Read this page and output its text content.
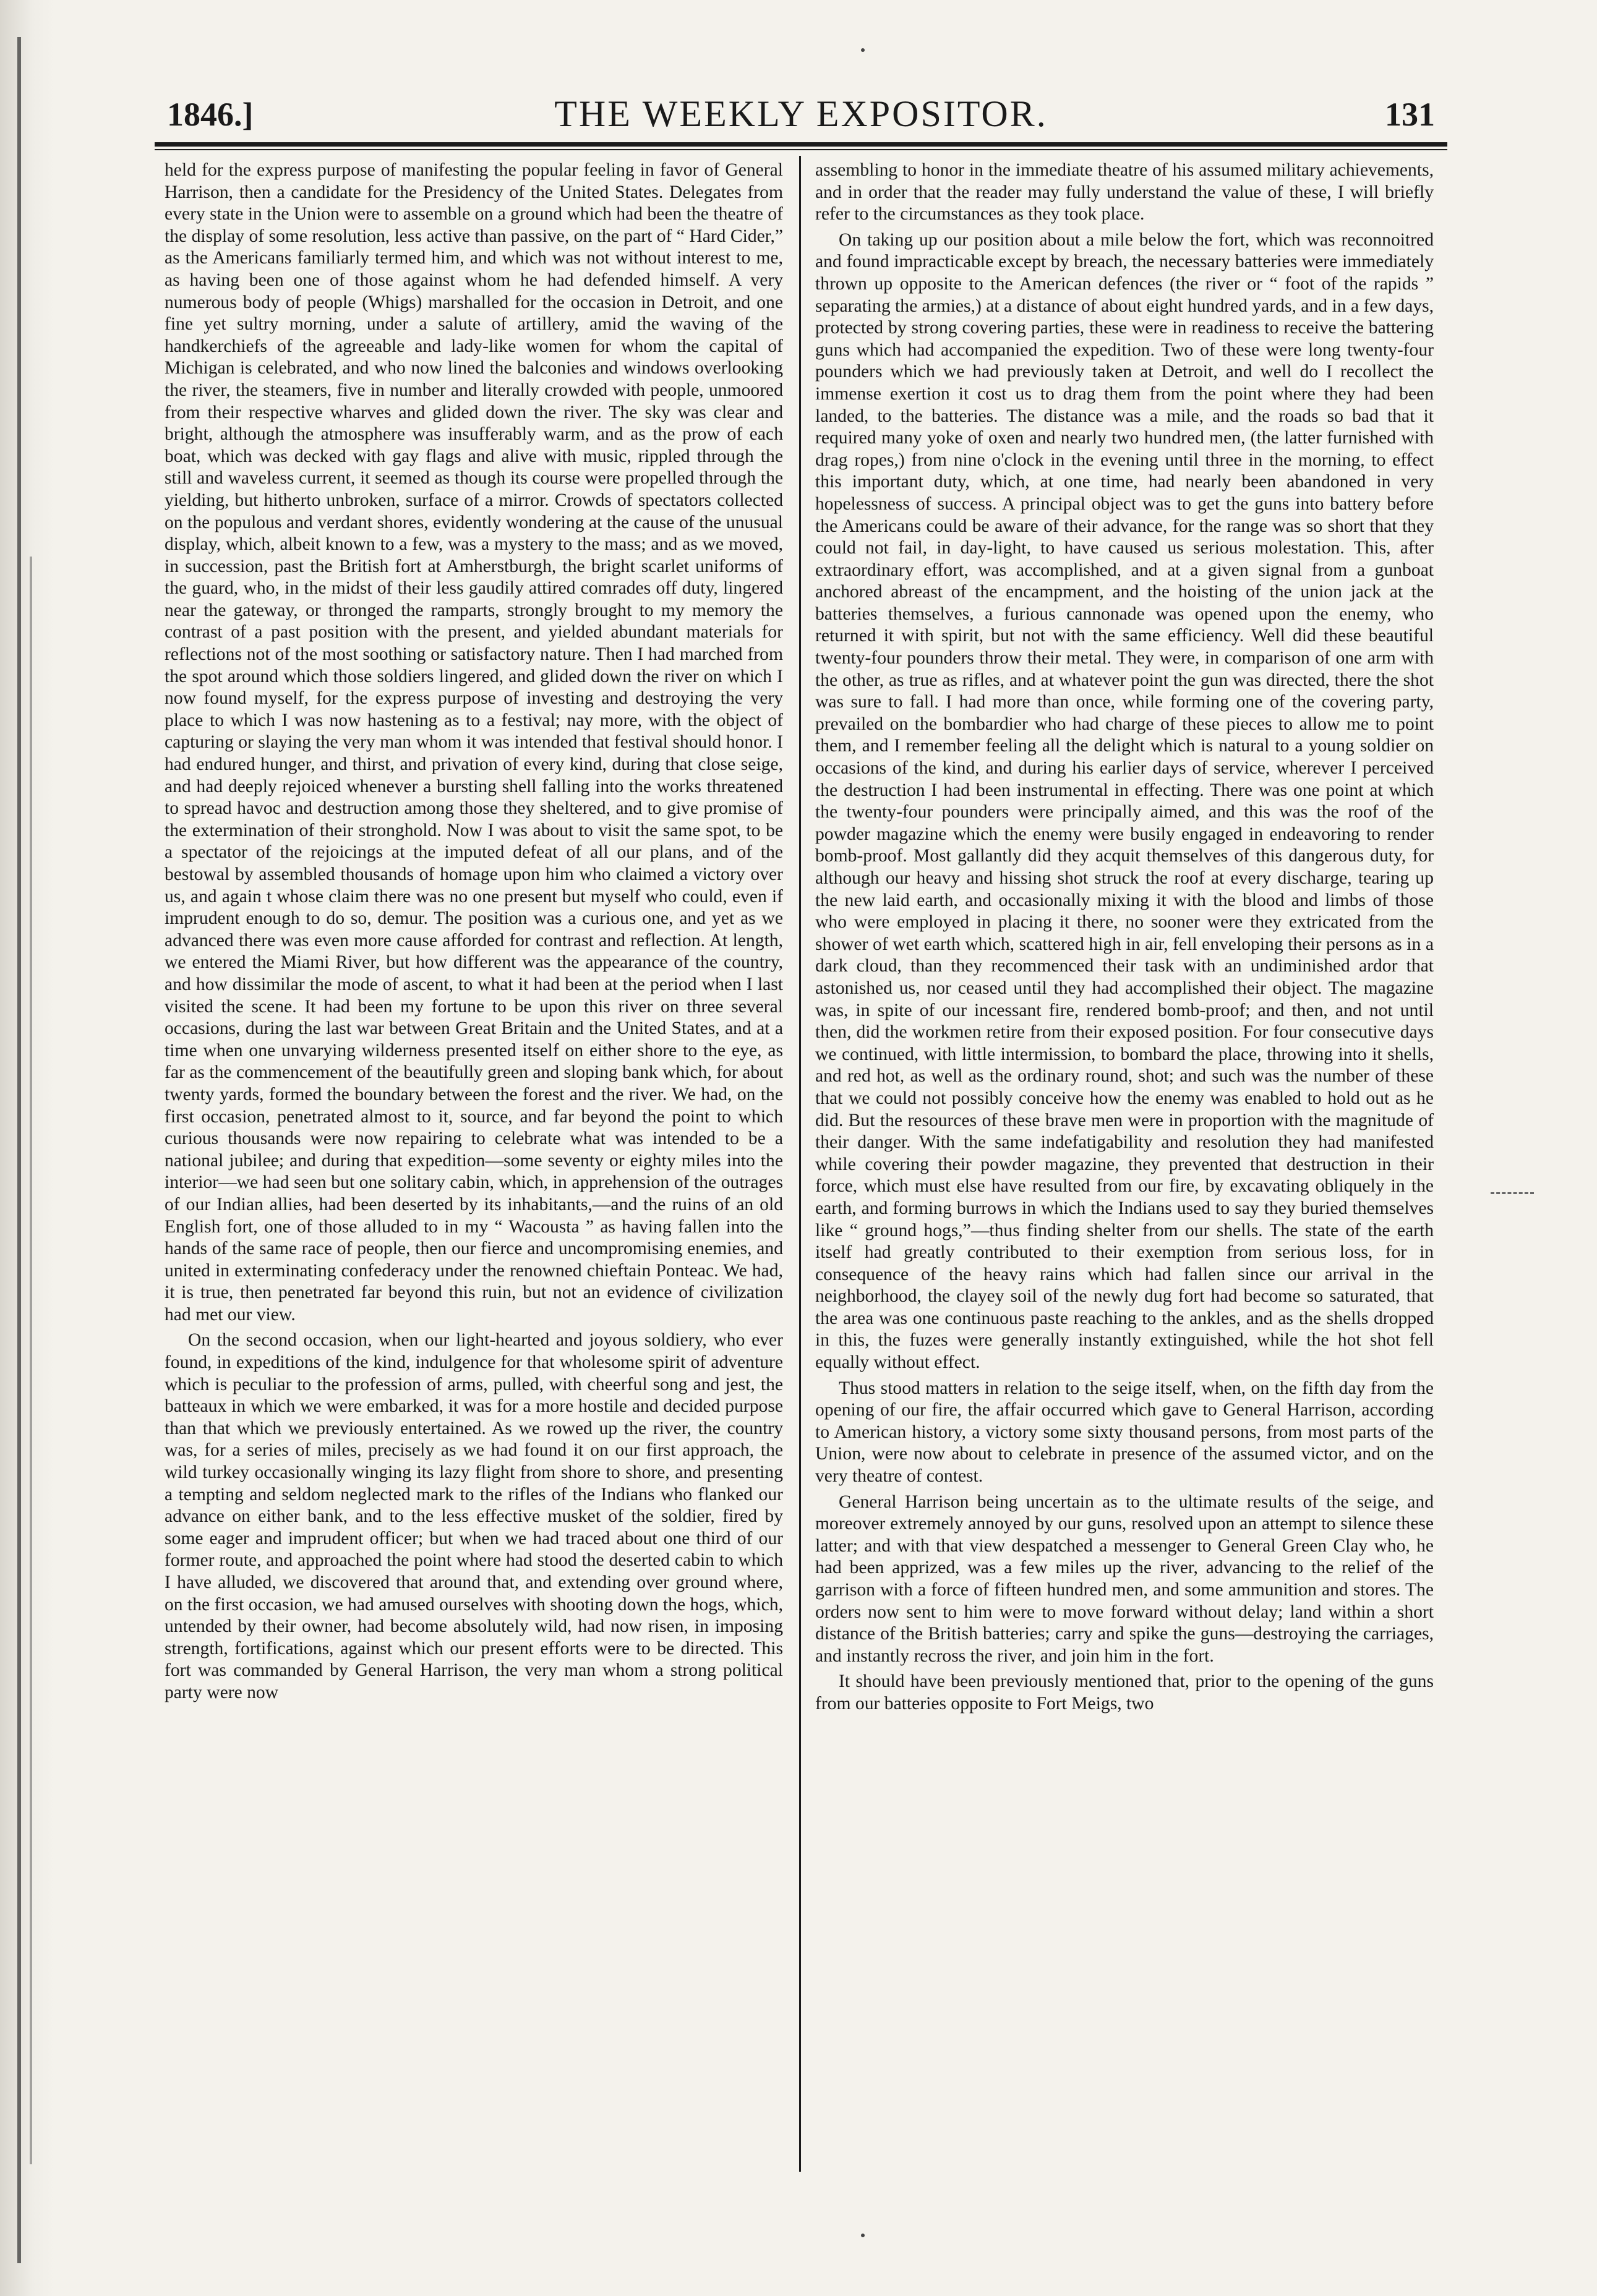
1846.]	THE WEEKLY EXPOSITOR.	131

held for the express purpose of manifesting the popular feeling in favor of General Harrison, then a candidate for the Presidency of the United States. Delegates from every state in the Union were to assemble on a ground which had been the theatre of the display of some resolution, less active than passive, on the part of “ Hard Cider,” as the Americans familiarly termed him, and which was not without interest to me, as having been one of those against whom he had defended himself. A very numerous body of people (Whigs) marshalled for the occasion in Detroit, and one fine yet sultry morning, under a salute of artillery, amid the waving of the handkerchiefs of the agreeable and lady-like women for whom the capital of Michigan is celebrated, and who now lined the balconies and windows overlooking the river, the steamers, five in number and literally crowded with people, unmoored from their respective wharves and glided down the river. The sky was clear and bright, although the atmosphere was insufferably warm, and as the prow of each boat, which was decked with gay flags and alive with music, rippled through the still and waveless current, it seemed as though its course were propelled through the yielding, but hitherto unbroken, surface of a mirror. Crowds of spectators collected on the populous and verdant shores, evidently wondering at the cause of the unusual display, which, albeit known to a few, was a mystery to the mass; and as we moved, in succession, past the British fort at Amherstburgh, the bright scarlet uniforms of the guard, who, in the midst of their less gaudily attired comrades off duty, lingered near the gateway, or thronged the ramparts, strongly brought to my memory the contrast of a past position with the present, and yielded abundant materials for reflections not of the most soothing or satisfactory nature. Then I had marched from the spot around which those soldiers lingered, and glided down the river on which I now found myself, for the express purpose of investing and destroying the very place to which I was now hastening as to a festival; nay more, with the object of capturing or slaying the very man whom it was intended that festival should honor. I had endured hunger, and thirst, and privation of every kind, during that close seige, and had deeply rejoiced whenever a bursting shell falling into the works threatened to spread havoc and destruction among those they sheltered, and to give promise of the extermination of their stronghold. Now I was about to visit the same spot, to be a spectator of the rejoicings at the imputed defeat of all our plans, and of the bestowal by assembled thousands of homage upon him who claimed a victory over us, and again t whose claim there was no one present but myself who could, even if imprudent enough to do so, demur. The position was a curious one, and yet as we advanced there was even more cause afforded for contrast and reflection. At length, we entered the Miami River, but how different was the appearance of the country, and how dissimilar the mode of ascent, to what it had been at the period when I last visited the scene. It had been my fortune to be upon this river on three several occasions, during the last war between Great Britain and the United States, and at a time when one unvarying wilderness presented itself on either shore to the eye, as far as the commencement of the beautifully green and sloping bank which, for about twenty yards, formed the boundary between the forest and the river. We had, on the first occasion, penetrated almost to it, source, and far beyond the point to which curious thousands were now repairing to celebrate what was intended to be a national jubilee; and during that expedition—some seventy or eighty miles into the interior—we had seen but one solitary cabin, which, in apprehension of the outrages of our Indian allies, had been deserted by its inhabitants,—and the ruins of an old English fort, one of those alluded to in my “ Wacousta ” as having fallen into the hands of the same race of people, then our fierce and uncompromising enemies, and united in exterminating confederacy under the renowned chieftain Ponteac. We had, it is true, then penetrated far beyond this ruin, but not an evidence of civilization had met our view.

On the second occasion, when our light-hearted and joyous soldiery, who ever found, in expeditions of the kind, indulgence for that wholesome spirit of adventure which is peculiar to the profession of arms, pulled, with cheerful song and jest, the batteaux in which we were embarked, it was for a more hostile and decided purpose than that which we previously entertained. As we rowed up the river, the country was, for a series of miles, precisely as we had found it on our first approach, the wild turkey occasionally winging its lazy flight from shore to shore, and presenting a tempting and seldom neglected mark to the rifles of the Indians who flanked our advance on either bank, and to the less effective musket of the soldier, fired by some eager and imprudent officer; but when we had traced about one third of our former route, and approached the point where had stood the deserted cabin to which I have alluded, we discovered that around that, and extending over ground where, on the first occasion, we had amused ourselves with shooting down the hogs, which, untended by their owner, had become absolutely wild, had now risen, in imposing strength, fortifications, against which our present efforts were to be directed. This fort was commanded by General Harrison, the very man whom a strong political party were now

assembling to honor in the immediate theatre of his assumed military achievements, and in order that the reader may fully understand the value of these, I will briefly refer to the circumstances as they took place.

On taking up our position about a mile below the fort, which was reconnoitred and found impracticable except by breach, the necessary batteries were immediately thrown up opposite to the American defences (the river or “ foot of the rapids ” separating the armies,) at a distance of about eight hundred yards, and in a few days, protected by strong covering parties, these were in readiness to receive the battering guns which had accompanied the expedition. Two of these were long twenty-four pounders which we had previously taken at Detroit, and well do I recollect the immense exertion it cost us to drag them from the point where they had been landed, to the batteries. The distance was a mile, and the roads so bad that it required many yoke of oxen and nearly two hundred men, (the latter furnished with drag ropes,) from nine o'clock in the evening until three in the morning, to effect this important duty, which, at one time, had nearly been abandoned in very hopelessness of success. A principal object was to get the guns into battery before the Americans could be aware of their advance, for the range was so short that they could not fail, in day-light, to have caused us serious molestation. This, after extraordinary effort, was accomplished, and at a given signal from a gunboat anchored abreast of the encampment, and the hoisting of the union jack at the batteries themselves, a furious cannonade was opened upon the enemy, who returned it with spirit, but not with the same efficiency. Well did these beautiful twenty-four pounders throw their metal. They were, in comparison of one arm with the other, as true as rifles, and at whatever point the gun was directed, there the shot was sure to fall. I had more than once, while forming one of the covering party, prevailed on the bombardier who had charge of these pieces to allow me to point them, and I remember feeling all the delight which is natural to a young soldier on occasions of the kind, and during his earlier days of service, wherever I perceived the destruction I had been instrumental in effecting. There was one point at which the twenty-four pounders were principally aimed, and this was the roof of the powder magazine which the enemy were busily engaged in endeavoring to render bomb-proof. Most gallantly did they acquit themselves of this dangerous duty, for although our heavy and hissing shot struck the roof at every discharge, tearing up the new laid earth, and occasionally mixing it with the blood and limbs of those who were employed in placing it there, no sooner were they extricated from the shower of wet earth which, scattered high in air, fell enveloping their persons as in a dark cloud, than they recommenced their task with an undiminished ardor that astonished us, nor ceased until they had accomplished their object. The magazine was, in spite of our incessant fire, rendered bomb-proof; and then, and not until then, did the workmen retire from their exposed position. For four consecutive days we continued, with little intermission, to bombard the place, throwing into it shells, and red hot, as well as the ordinary round, shot; and such was the number of these that we could not possibly conceive how the enemy was enabled to hold out as he did. But the resources of these brave men were in proportion with the magnitude of their danger. With the same indefatigability and resolution they had manifested while covering their powder magazine, they prevented that destruction in their force, which must else have resulted from our fire, by excavating obliquely in the earth, and forming burrows in which the Indians used to say they buried themselves like “ ground hogs,”—thus finding shelter from our shells. The state of the earth itself had greatly contributed to their exemption from serious loss, for in consequence of the heavy rains which had fallen since our arrival in the neighborhood, the clayey soil of the newly dug fort had become so saturated, that the area was one continuous paste reaching to the ankles, and as the shells dropped in this, the fuzes were generally instantly extinguished, while the hot shot fell equally without effect.

Thus stood matters in relation to the seige itself, when, on the fifth day from the opening of our fire, the affair occurred which gave to General Harrison, according to American history, a victory some sixty thousand persons, from most parts of the Union, were now about to celebrate in presence of the assumed victor, and on the very theatre of contest.

General Harrison being uncertain as to the ultimate results of the seige, and moreover extremely annoyed by our guns, resolved upon an attempt to silence these latter; and with that view despatched a messenger to General Green Clay who, he had been apprized, was a few miles up the river, advancing to the relief of the garrison with a force of fifteen hundred men, and some ammunition and stores. The orders now sent to him were to move forward without delay; land within a short distance of the British batteries; carry and spike the guns—destroying the carriages, and instantly recross the river, and join him in the fort.

It should have been previously mentioned that, prior to the opening of the guns from our batteries opposite to Fort Meigs, two
